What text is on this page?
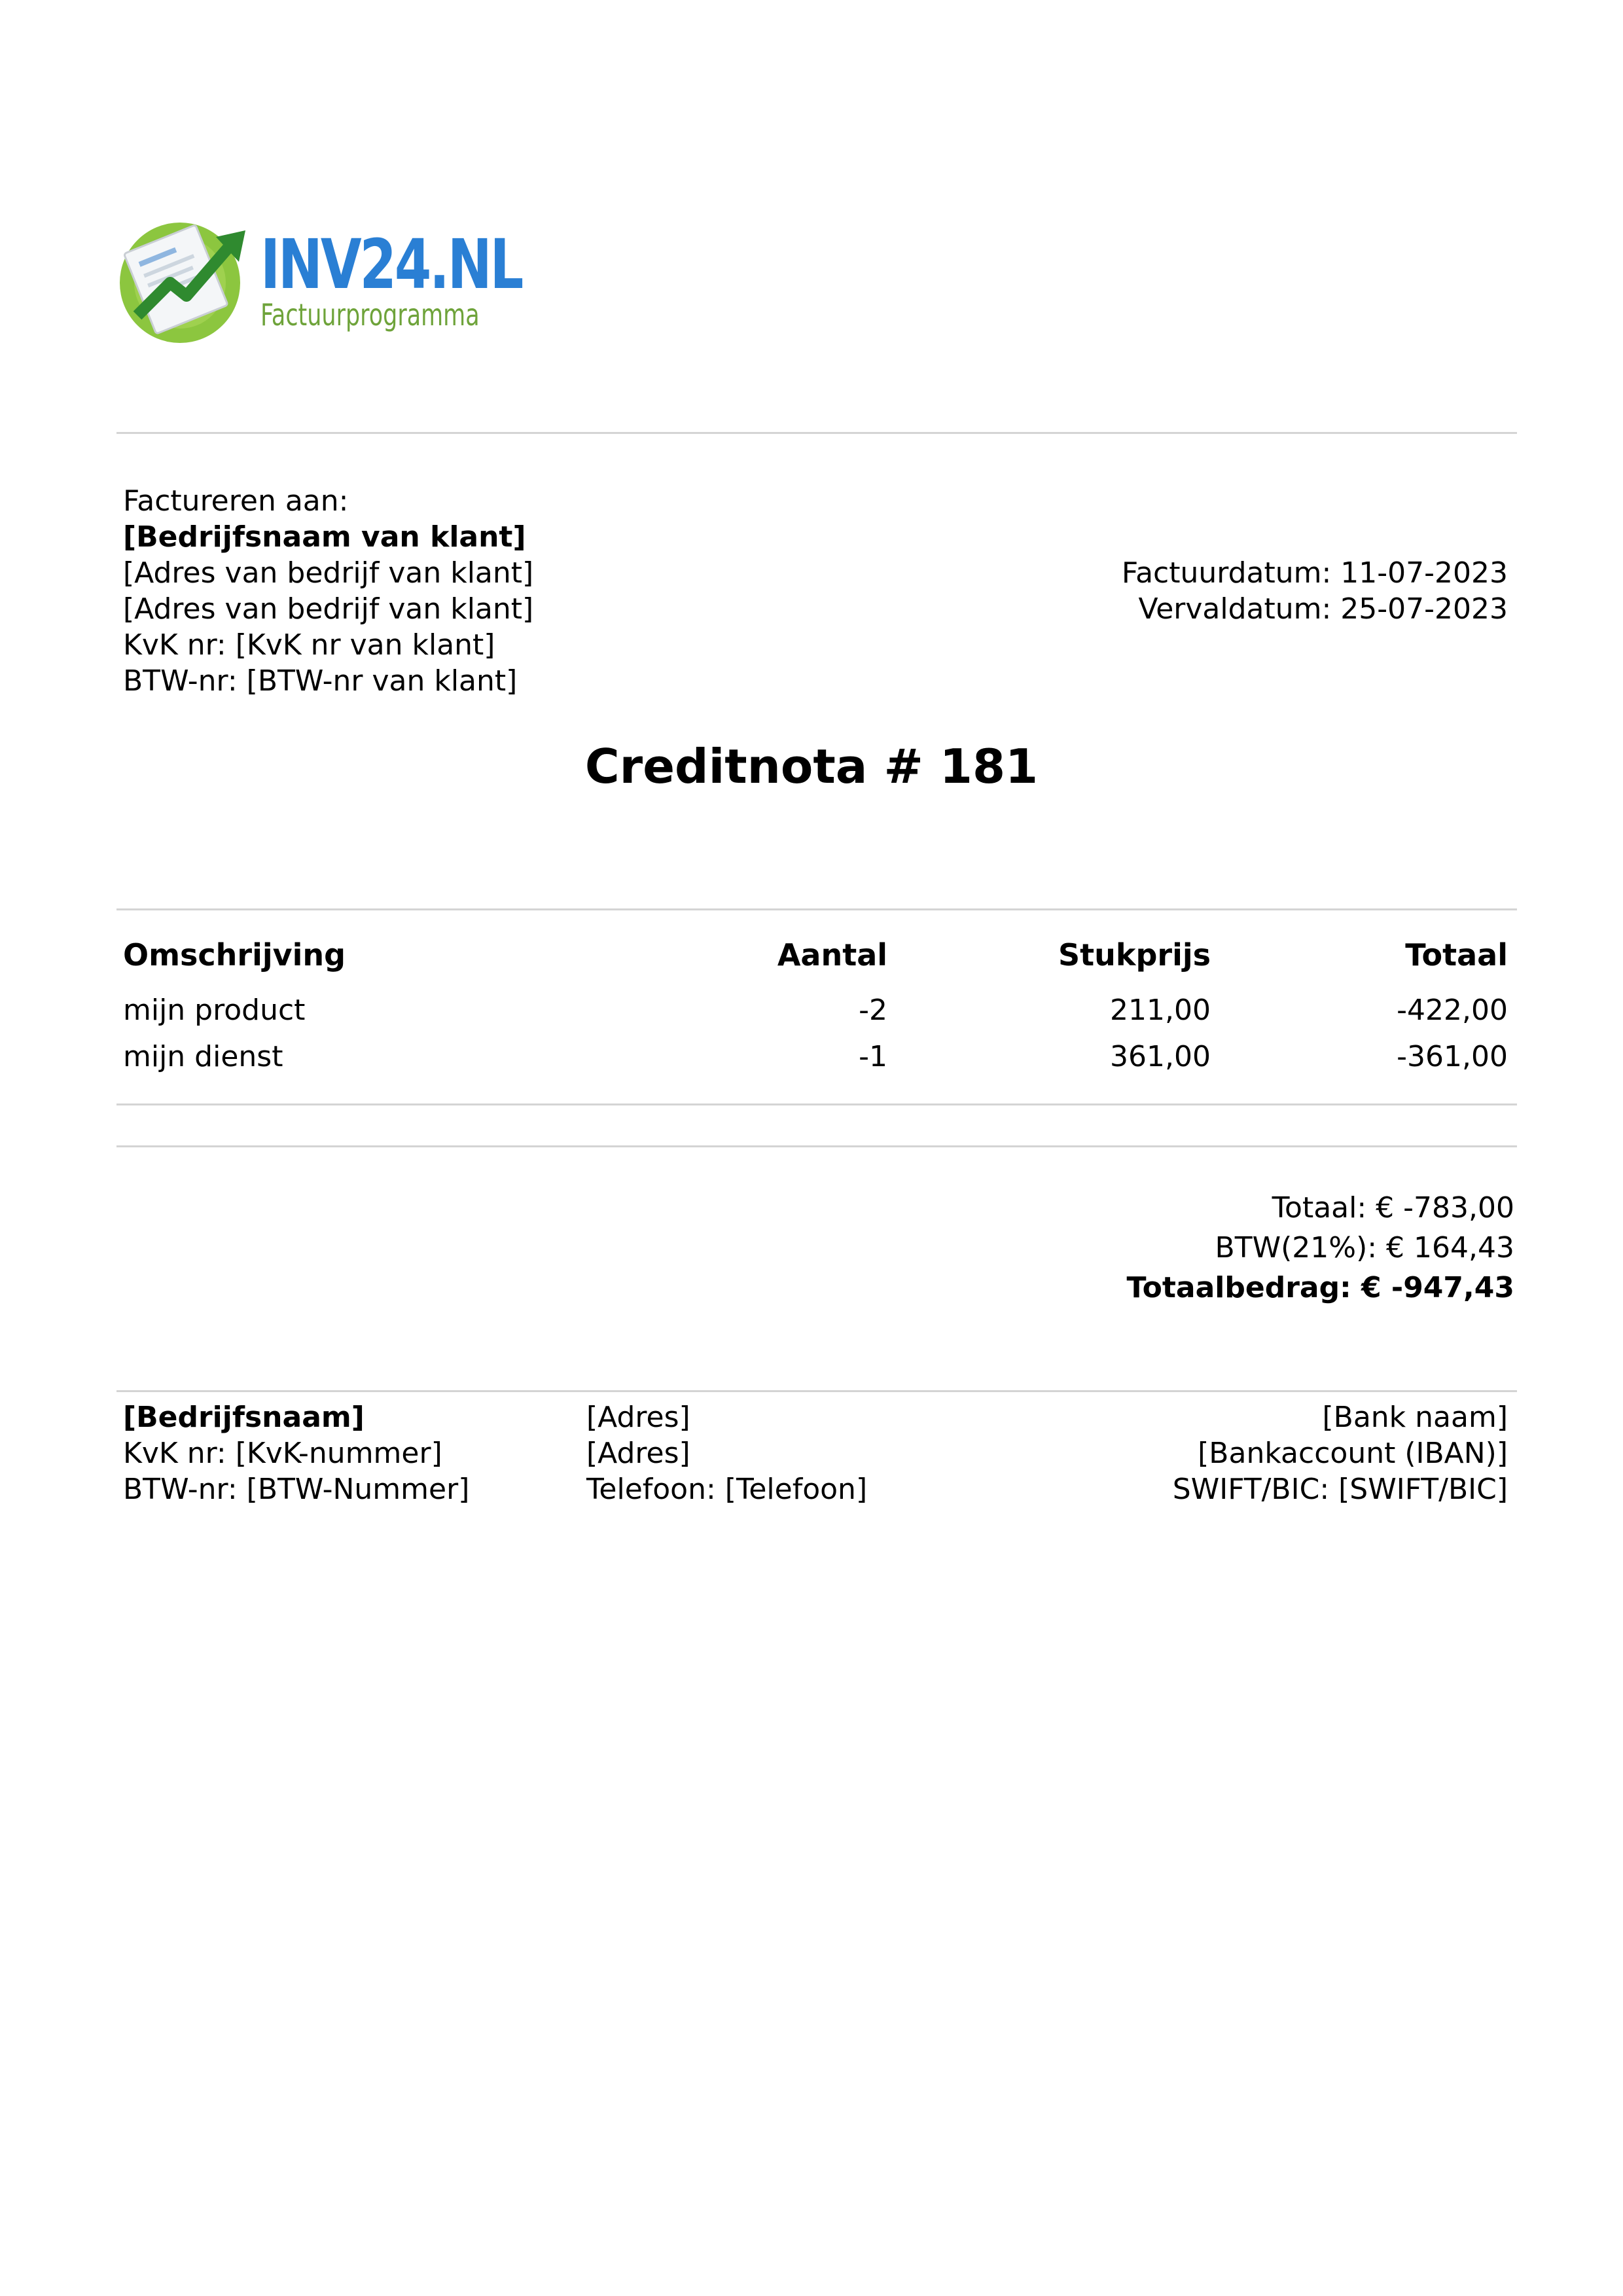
INV24.NL
Factuurprogramma
Factureren aan:
[Bedrijfsnaam van klant]
[Adres van bedrijf van klant]
[Adres van bedrijf van klant]
KvK nr: [KvK nr van klant]
BTW-nr: [BTW-nr van klant]
Factuurdatum: 11-07-2023
Vervaldatum: 25-07-2023
Creditnota # 181
Omschrijving	Aantal	Stukprijs	Totaal
mijn product	-2	211,00	-422,00
mijn dienst	-1	361,00	-361,00
Totaal: € -783,00
BTW(21%): € 164,43
Totaalbedrag: € -947,43
[Bedrijfsnaam]
KvK nr: [KvK-nummer]
BTW-nr: [BTW-Nummer]
[Adres]
[Adres]
Telefoon: [Telefoon]
[Bank naam]
[Bankaccount (IBAN)]
SWIFT/BIC: [SWIFT/BIC]
